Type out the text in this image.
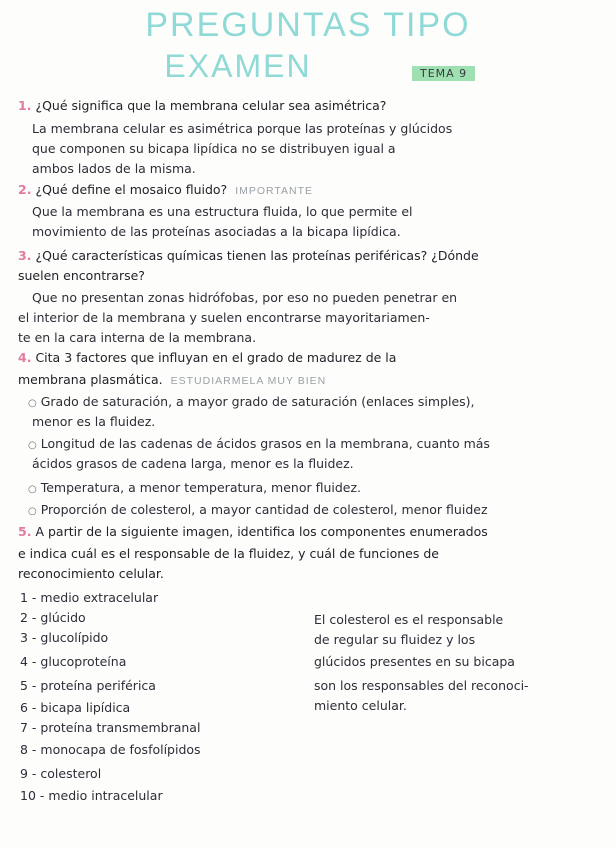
PREGUNTAS TIPO
EXAMEN	TEMA 9
1. ¿Qué significa que la membrana celular sea asimétrica?
La membrana celular es asimétrica porque las proteínas y glúcidos
que componen su bicapa lipídica no se distribuyen igual a
ambos lados de la misma.
2. ¿Qué define el mosaico fluido? IMPORTANTE
Que la membrana es una estructura fluida, lo que permite el
movimiento de las proteínas asociadas a la bicapa lipídica.
3. ¿Qué características químicas tienen las proteínas periféricas? ¿Dónde
suelen encontrarse?
Que no presentan zonas hidrófobas, por eso no pueden penetrar en
el interior de la membrana y suelen encontrarse mayoritariamen-
te en la cara interna de la membrana.
4. Cita 3 factores que influyan en el grado de madurez de la
membrana plasmática. ESTUDIARMELA MUY BIEN
○ Grado de saturación, a mayor grado de saturación (enlaces simples),
menor es la fluidez.
○ Longitud de las cadenas de ácidos grasos en la membrana, cuanto más
ácidos grasos de cadena larga, menor es la fluidez.
○ Temperatura, a menor temperatura, menor fluidez.
○ Proporción de colesterol, a mayor cantidad de colesterol, menor fluidez
5. A partir de la siguiente imagen, identifica los componentes enumerados
e indica cuál es el responsable de la fluidez, y cuál de funciones de
reconocimiento celular.
1 - medio extracelular
2 - glúcido
3 - glucolípido
4 - glucoproteína
5 - proteína periférica
6 - bicapa lipídica
7 - proteína transmembranal
8 - monocapa de fosfolípidos
9 - colesterol
10 - medio intracelular
El colesterol es el responsable
de regular su fluidez y los
glúcidos presentes en su bicapa
son los responsables del reconoci-
miento celular.
